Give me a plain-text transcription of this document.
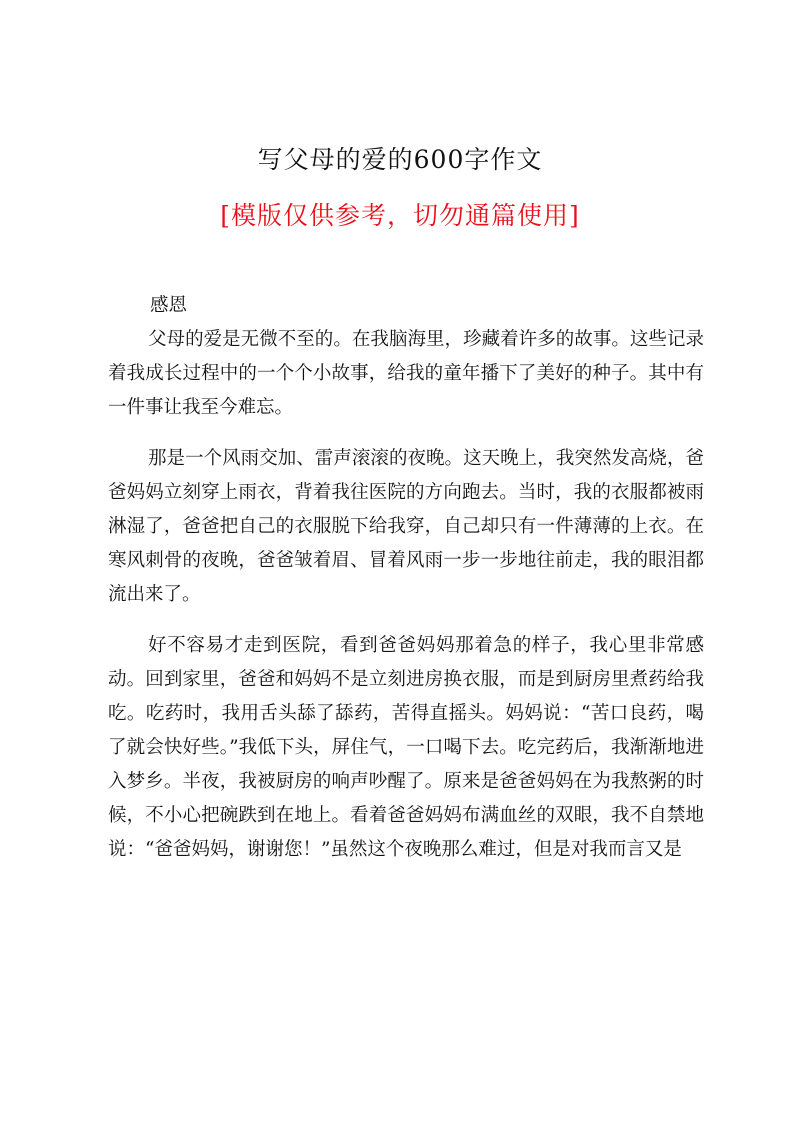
写父母的爱的600字作文
[模版仅供参考，切勿通篇使用]

感恩

父母的爱是无微不至的。在我脑海里，珍藏着许多的故事。这些记录着我成长过程中的一个个小故事，给我的童年播下了美好的种子。其中有一件事让我至今难忘。

那是一个风雨交加、雷声滚滚的夜晚。这天晚上，我突然发高烧，爸爸妈妈立刻穿上雨衣，背着我往医院的方向跑去。当时，我的衣服都被雨淋湿了，爸爸把自己的衣服脱下给我穿，自己却只有一件薄薄的上衣。在寒风刺骨的夜晚，爸爸皱着眉、冒着风雨一步一步地往前走，我的眼泪都流出来了。

好不容易才走到医院，看到爸爸妈妈那着急的样子，我心里非常感动。回到家里，爸爸和妈妈不是立刻进房换衣服，而是到厨房里煮药给我吃。吃药时，我用舌头舔了舔药，苦得直摇头。妈妈说：“苦口良药，喝了就会快好些。”我低下头，屏住气，一口喝下去。吃完药后，我渐渐地进入梦乡。半夜，我被厨房的响声吵醒了。原来是爸爸妈妈在为我熬粥的时候，不小心把碗跌到在地上。看着爸爸妈妈布满血丝的双眼，我不自禁地说：“爸爸妈妈，谢谢您！”虽然这个夜晚那么难过，但是对我而言又是
